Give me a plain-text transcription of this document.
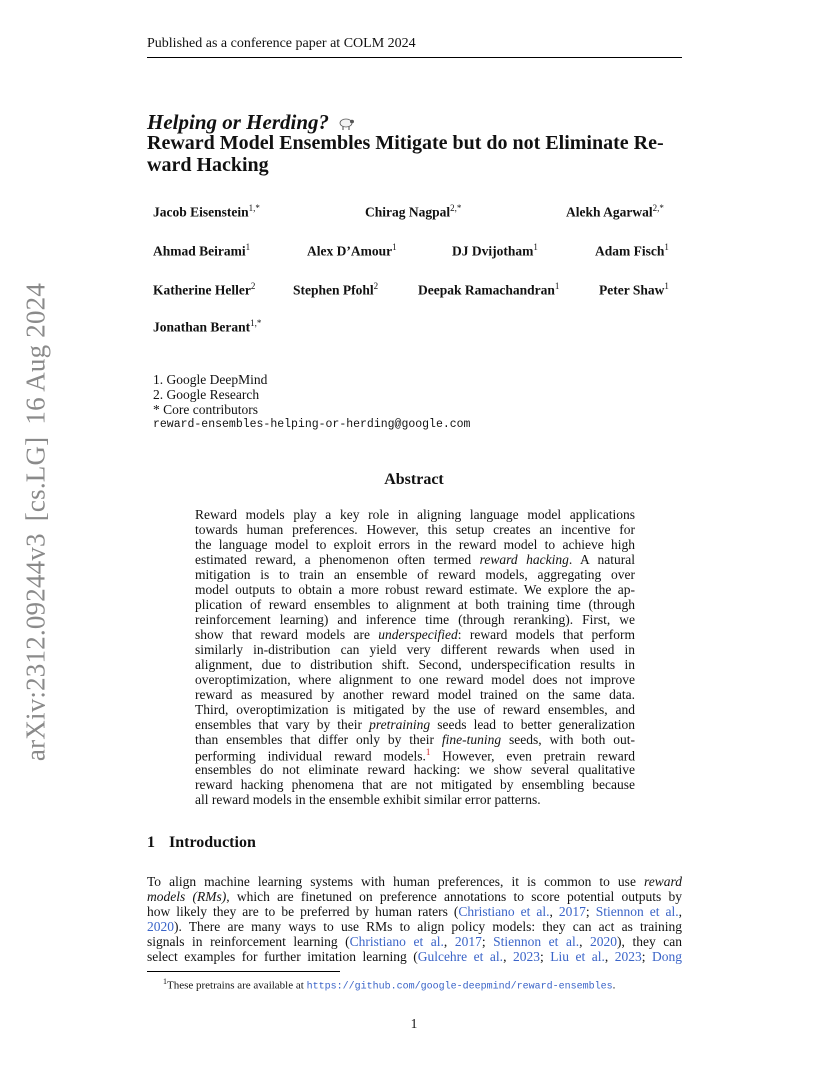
Published as a conference paper at COLM 2024
arXiv:2312.09244v3[cs.LG]16 Aug 2024
Helping or Herding?
Reward Model Ensembles Mitigate but do not Eliminate Re-
ward Hacking
Jacob Eisenstein$^{1,*}$	Chirag Nagpal$^{2,*}$	Alekh Agarwal$^{2,*}$
Ahmad Beirami$^1$	Alex D’Amour$^1$	DJ Dvijotham$^1$	Adam Fisch$^1$
Katherine Heller$^2$	Stephen Pfohl$^2$	Deepak Ramachandran$^1$	Peter Shaw$^1$
Jonathan Berant$^{1,*}$
1. Google DeepMind
2. Google Research
* Core contributors
reward-ensembles-helping-or-herding@google.com
Abstract
Reward models play a key role in aligning language model applications
towards human preferences. However, this setup creates an incentive for
the language model to exploit errors in the reward model to achieve high
estimated reward, a phenomenon often termed reward hacking. A natural
mitigation is to train an ensemble of reward models, aggregating over
model outputs to obtain a more robust reward estimate. We explore the ap-
plication of reward ensembles to alignment at both training time (through
reinforcement learning) and inference time (through reranking). First, we
show that reward models are underspecified: reward models that perform
similarly in-distribution can yield very different rewards when used in
alignment, due to distribution shift. Second, underspecification results in
overoptimization, where alignment to one reward model does not improve
reward as measured by another reward model trained on the same data.
Third, overoptimization is mitigated by the use of reward ensembles, and
ensembles that vary by their pretraining seeds lead to better generalization
than ensembles that differ only by their fine-tuning seeds, with both out-
performing individual reward models.$^1$ However, even pretrain reward
ensembles do not eliminate reward hacking: we show several qualitative
reward hacking phenomena that are not mitigated by ensembling because
all reward models in the ensemble exhibit similar error patterns.
1 Introduction
To align machine learning systems with human preferences, it is common to use reward
models (RMs), which are finetuned on preference annotations to score potential outputs by
how likely they are to be preferred by human raters (Christiano et al., 2017; Stiennon et al.,
2020). There are many ways to use RMs to align policy models: they can act as training
signals in reinforcement learning (Christiano et al., 2017; Stiennon et al., 2020), they can
select examples for further imitation learning (Gulcehre et al., 2023; Liu et al., 2023; Dong
$^1$These pretrains are available at https://github.com/google-deepmind/reward-ensembles.
1
